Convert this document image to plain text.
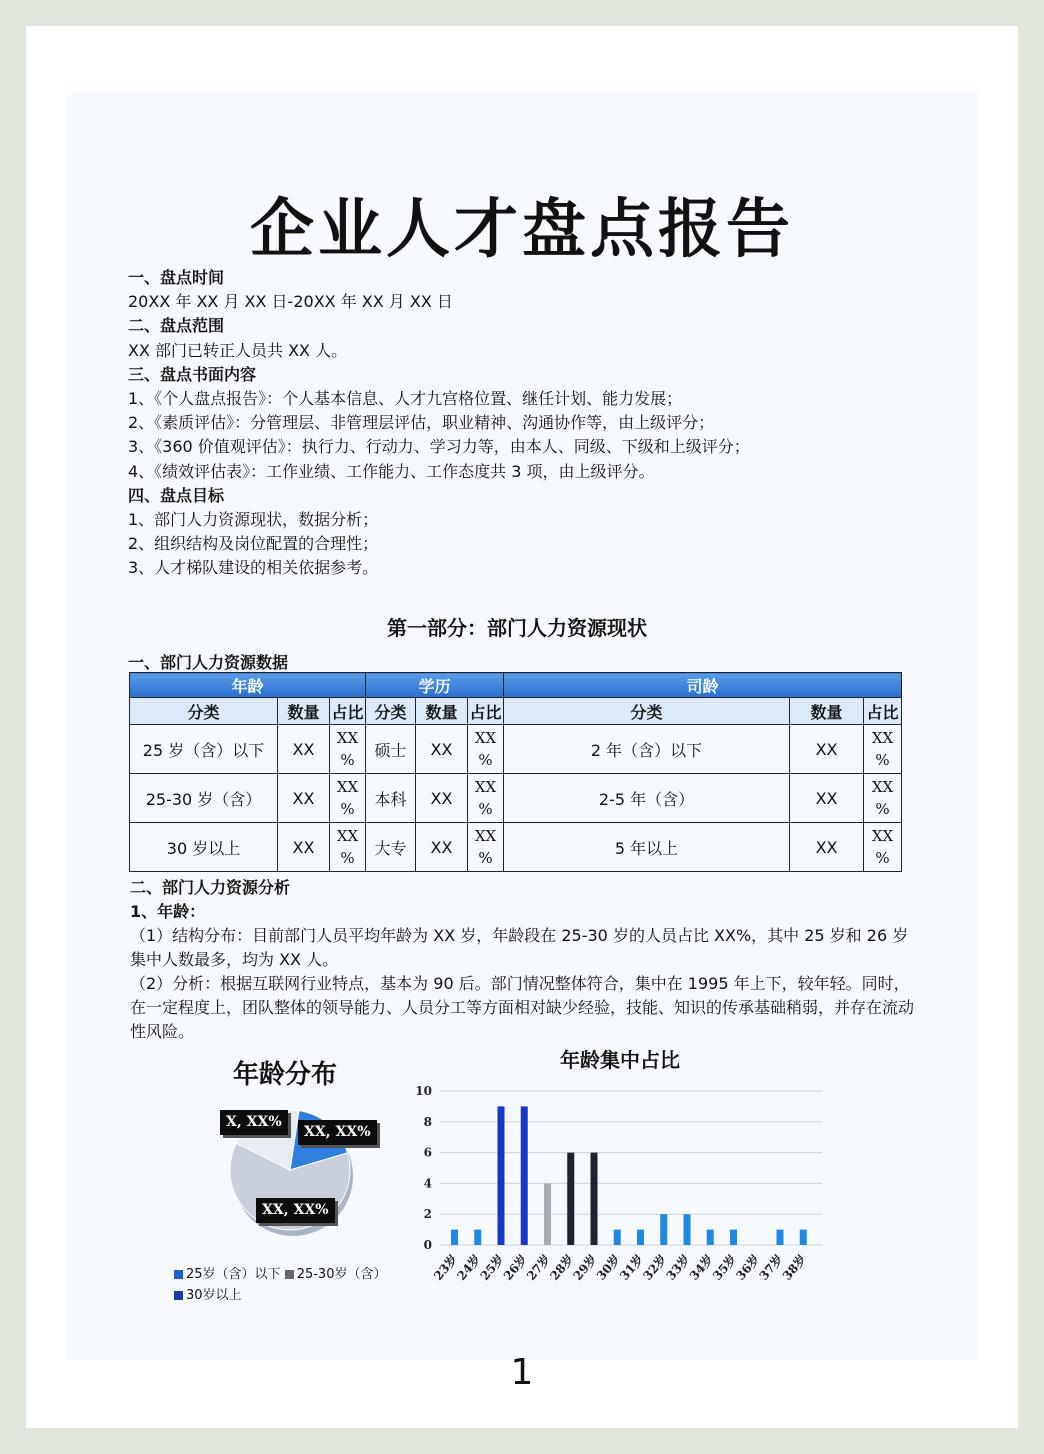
企业人才盘点报告
一、盘点时间
20XX 年 XX 月 XX 日-20XX 年 XX 月 XX 日
二、盘点范围
XX 部门已转正人员共 XX 人。
三、盘点书面内容
1、《个人盘点报告》：个人基本信息、人才九宫格位置、继任计划、能力发展；
2、《素质评估》：分管理层、非管理层评估，职业精神、沟通协作等，由上级评分；
3、《360 价值观评估》：执行力、行动力、学习力等，由本人、同级、下级和上级评分；
4、《绩效评估表》：工作业绩、工作能力、工作态度共 3 项，由上级评分。
四、盘点目标
1、部门人力资源现状，数据分析；
2、组织结构及岗位配置的合理性；
3、人才梯队建设的相关依据参考。
第一部分：部门人力资源现状
一、部门人力资源数据
年龄			学历			司龄		
分类	数量	占比	分类	数量	占比	分类	数量	占比
25 岁（含）以下	XX	XX %	硕士	XX	XX %	2 年（含）以下	XX	XX %
25-30 岁（含）	XX	XX %	本科	XX	XX %	2-5 年（含）	XX	XX %
30 岁以上	XX	XX %	大专	XX	XX %	5 年以上	XX	XX %
二、部门人力资源分析
1、年龄：

（1）结构分布：目前部门人员平均年龄为 XX 岁，年龄段在 25-30 岁的人员占比 XX%，其中 25 岁和 26 岁集中人数最多，均为 XX 人。

（2）分析：根据互联网行业特点，基本为 90 后。部门情况整体符合，集中在 1995 年上下，较年轻。同时，在一定程度上，团队整体的领导能力、人员分工等方面相对缺少经验，技能、知识的传承基础稍弱，并存在流动性风险。

年龄分布
X, XX%
XX, XX%
XX, XX%
25岁（含）以下 25-30岁（含）
30岁以上
年龄集中占比
0
2
4
6
8
10
23岁
24岁
25岁
26岁
27岁
28岁
29岁
30岁
31岁
32岁
33岁
34岁
35岁
36岁
37岁
38岁
1
